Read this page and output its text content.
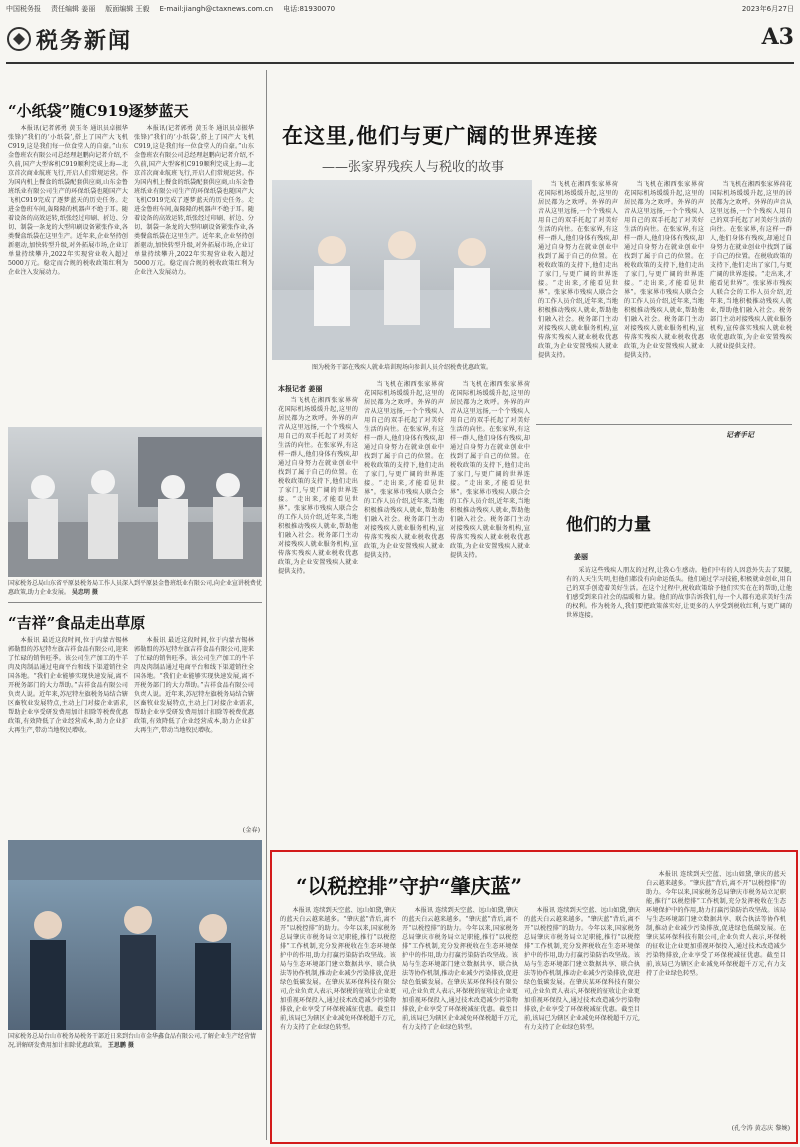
中国税务报 责任编辑 姜丽 版面编辑 王毅 E-mail:jiangh@ctaxnews.com.cn 电话:81930070	2023年6月27日
税务新闻	A3
“小纸袋”随C919逐梦蓝天

本报讯(记者郭勇 黄玉冬 通讯员卓振华 张锋)“我们的‘小纸袋’,搭上了国产大飞机C919,这是我们每一位食堂人的自豪。”山东金鲁班农有限公司总经理赵鹏向记者介绍,不久前,国产大型客机C919顺利完成上海—北京首次商业航班飞行,开启人们常规运营。作为国内机上餐食的纸袋配套供应商,山东金鲁班纸业有限公司生产的环保纸袋也随国产大飞机C919完成了逐梦蓝天的历史任务。走进金鲁班车间,轰隆隆的机器声不绝于耳。随着设备的高效运转,纸张经过印刷、折边、分切、制袋一条龙的大型印刷设备紧张作业,各类餐盒纸袋在这里生产。近年来,企业坚持创新驱动,加快转型升级,对外拓展市场,企业订单量持续攀升,2022年实现营业收入超过5000万元。稳定而合规的税收政策红利为企业注入发展动力。

本报讯(记者郭勇 黄玉冬 通讯员卓振华 张锋)“我们的‘小纸袋’,搭上了国产大飞机C919,这是我们每一位食堂人的自豪。”山东金鲁班农有限公司总经理赵鹏向记者介绍,不久前,国产大型客机C919顺利完成上海—北京首次商业航班飞行,开启人们常规运营。作为国内机上餐食的纸袋配套供应商,山东金鲁班纸业有限公司生产的环保纸袋也随国产大飞机C919完成了逐梦蓝天的历史任务。走进金鲁班车间,轰隆隆的机器声不绝于耳。随着设备的高效运转,纸张经过印刷、折边、分切、制袋一条龙的大型印刷设备紧张作业,各类餐盒纸袋在这里生产。近年来,企业坚持创新驱动,加快转型升级,对外拓展市场,企业订单量持续攀升,2022年实现营业收入超过5000万元。稳定而合规的税收政策红利为企业注入发展动力。

国家税务总局山东省平原县税务局工作人员深入到平原县金鲁班纸业有限公司,向企业宣讲税费优惠政策,助力企业发展。 吴忠明 摄
“吉祥”食品走出草原

本报讯 最近这段时间,位于内蒙古锡林郭勒盟的苏尼特左旗吉祥食品有限公司,迎来了忙碌的销售旺季。该公司生产加工的牛羊肉及肉制品通过电商平台和线下渠道销往全国各地。“我们企业能够实现快速发展,离不开税务部门的大力帮助。”吉祥食品有限公司负责人说。近年来,苏尼特左旗税务局结合辖区畜牧业发展特点,主动上门对接企业需求,帮助企业享受研发费用加计扣除等税费优惠政策,有效降低了企业经营成本,助力企业扩大再生产,带动当地牧民增收。

本报讯 最近这段时间,位于内蒙古锡林郭勒盟的苏尼特左旗吉祥食品有限公司,迎来了忙碌的销售旺季。该公司生产加工的牛羊肉及肉制品通过电商平台和线下渠道销往全国各地。“我们企业能够实现快速发展,离不开税务部门的大力帮助。”吉祥食品有限公司负责人说。近年来,苏尼特左旗税务局结合辖区畜牧业发展特点,主动上门对接企业需求,帮助企业享受研发费用加计扣除等税费优惠政策,有效降低了企业经营成本,助力企业扩大再生产,带动当地牧民增收。

(金春)
国家税务总局台山市税务局税务干部近日来到台山市金华鑫食品有限公司,了解企业生产经营情况,讲解研发费用加计扣除优惠政策。 王思鹏 摄
在这里,他们与更广阔的世界连接
——张家界残疾人与税收的故事
图为税务干部在残疾人就业培训现场向参训人员介绍税费优惠政策。
本报记者 姜丽

当飞机在湘西张家界荷花国际机场缓缓升起,这里的居民都为之欢呼。外界的声音从这里远扬,一个个残疾人用自己的双手托起了对美好生活的向往。在张家界,有这样一群人,他们身体有残疾,却通过自身努力在就业创业中找到了属于自己的位置。在税收政策的支持下,他们走出了家门,与更广阔的世界连接。“走出来,才能看见世界”。张家界市残疾人联合会的工作人员介绍,近年来,当地积极推动残疾人就业,帮助他们融入社会。税务部门主动对接残疾人就业服务机构,宣传落实残疾人就业税收优惠政策,为企业安置残疾人就业提供支持。

当飞机在湘西张家界荷花国际机场缓缓升起,这里的居民都为之欢呼。外界的声音从这里远扬,一个个残疾人用自己的双手托起了对美好生活的向往。在张家界,有这样一群人,他们身体有残疾,却通过自身努力在就业创业中找到了属于自己的位置。在税收政策的支持下,他们走出了家门,与更广阔的世界连接。“走出来,才能看见世界”。张家界市残疾人联合会的工作人员介绍,近年来,当地积极推动残疾人就业,帮助他们融入社会。税务部门主动对接残疾人就业服务机构,宣传落实残疾人就业税收优惠政策,为企业安置残疾人就业提供支持。

当飞机在湘西张家界荷花国际机场缓缓升起,这里的居民都为之欢呼。外界的声音从这里远扬,一个个残疾人用自己的双手托起了对美好生活的向往。在张家界,有这样一群人,他们身体有残疾,却通过自身努力在就业创业中找到了属于自己的位置。在税收政策的支持下,他们走出了家门,与更广阔的世界连接。“走出来,才能看见世界”。张家界市残疾人联合会的工作人员介绍,近年来,当地积极推动残疾人就业,帮助他们融入社会。税务部门主动对接残疾人就业服务机构,宣传落实残疾人就业税收优惠政策,为企业安置残疾人就业提供支持。

当飞机在湘西张家界荷花国际机场缓缓升起,这里的居民都为之欢呼。外界的声音从这里远扬,一个个残疾人用自己的双手托起了对美好生活的向往。在张家界,有这样一群人,他们身体有残疾,却通过自身努力在就业创业中找到了属于自己的位置。在税收政策的支持下,他们走出了家门,与更广阔的世界连接。“走出来,才能看见世界”。张家界市残疾人联合会的工作人员介绍,近年来,当地积极推动残疾人就业,帮助他们融入社会。税务部门主动对接残疾人就业服务机构,宣传落实残疾人就业税收优惠政策,为企业安置残疾人就业提供支持。

当飞机在湘西张家界荷花国际机场缓缓升起,这里的居民都为之欢呼。外界的声音从这里远扬,一个个残疾人用自己的双手托起了对美好生活的向往。在张家界,有这样一群人,他们身体有残疾,却通过自身努力在就业创业中找到了属于自己的位置。在税收政策的支持下,他们走出了家门,与更广阔的世界连接。“走出来,才能看见世界”。张家界市残疾人联合会的工作人员介绍,近年来,当地积极推动残疾人就业,帮助他们融入社会。税务部门主动对接残疾人就业服务机构,宣传落实残疾人就业税收优惠政策,为企业安置残疾人就业提供支持。

当飞机在湘西张家界荷花国际机场缓缓升起,这里的居民都为之欢呼。外界的声音从这里远扬,一个个残疾人用自己的双手托起了对美好生活的向往。在张家界,有这样一群人,他们身体有残疾,却通过自身努力在就业创业中找到了属于自己的位置。在税收政策的支持下,他们走出了家门,与更广阔的世界连接。“走出来,才能看见世界”。张家界市残疾人联合会的工作人员介绍,近年来,当地积极推动残疾人就业,帮助他们融入社会。税务部门主动对接残疾人就业服务机构,宣传落实残疾人就业税收优惠政策,为企业安置残疾人就业提供支持。

记者手记
他们的力量
姜丽

采访这些残疾人朋友的过程,让我心生感动。他们中有的人因意外失去了双腿,有的人天生失明,但他们都没有向命运低头。他们通过学习技能,积极就业创业,用自己的双手创造着美好生活。在这个过程中,税收政策给予他们实实在在的帮助,让他们感受到来自社会的温暖和力量。他们的故事告诉我们,每一个人都有追求美好生活的权利。作为税务人,我们要把政策落实好,让更多的人享受到税收红利,与更广阔的世界连接。

“以税控排”守护“肇庆蓝”

本报讯 连续到天空蓝、远山如黛,肇庆的蓝天白云越来越多。“肇庆蓝”背后,离不开“以税控排”的助力。今年以来,国家税务总局肇庆市税务局立足职能,推行“以税控排”工作机制,充分发挥税收在生态环境保护中的作用,助力打赢污染防治攻坚战。该局与生态环境部门建立数据共享、联合执法等协作机制,推动企业减少污染排放,促进绿色低碳发展。在肇庆某环保科技有限公司,企业负责人表示,环保税的征收让企业更加重视环保投入,通过技术改造减少污染物排放,企业享受了环保税减征优惠。截至目前,该局已为辖区企业减免环保税超千万元,有力支持了企业绿色转型。

本报讯 连续到天空蓝、远山如黛,肇庆的蓝天白云越来越多。“肇庆蓝”背后,离不开“以税控排”的助力。今年以来,国家税务总局肇庆市税务局立足职能,推行“以税控排”工作机制,充分发挥税收在生态环境保护中的作用,助力打赢污染防治攻坚战。该局与生态环境部门建立数据共享、联合执法等协作机制,推动企业减少污染排放,促进绿色低碳发展。在肇庆某环保科技有限公司,企业负责人表示,环保税的征收让企业更加重视环保投入,通过技术改造减少污染物排放,企业享受了环保税减征优惠。截至目前,该局已为辖区企业减免环保税超千万元,有力支持了企业绿色转型。

本报讯 连续到天空蓝、远山如黛,肇庆的蓝天白云越来越多。“肇庆蓝”背后,离不开“以税控排”的助力。今年以来,国家税务总局肇庆市税务局立足职能,推行“以税控排”工作机制,充分发挥税收在生态环境保护中的作用,助力打赢污染防治攻坚战。该局与生态环境部门建立数据共享、联合执法等协作机制,推动企业减少污染排放,促进绿色低碳发展。在肇庆某环保科技有限公司,企业负责人表示,环保税的征收让企业更加重视环保投入,通过技术改造减少污染物排放,企业享受了环保税减征优惠。截至目前,该局已为辖区企业减免环保税超千万元,有力支持了企业绿色转型。

本报讯 连续到天空蓝、远山如黛,肇庆的蓝天白云越来越多。“肇庆蓝”背后,离不开“以税控排”的助力。今年以来,国家税务总局肇庆市税务局立足职能,推行“以税控排”工作机制,充分发挥税收在生态环境保护中的作用,助力打赢污染防治攻坚战。该局与生态环境部门建立数据共享、联合执法等协作机制,推动企业减少污染排放,促进绿色低碳发展。在肇庆某环保科技有限公司,企业负责人表示,环保税的征收让企业更加重视环保投入,通过技术改造减少污染物排放,企业享受了环保税减征优惠。截至目前,该局已为辖区企业减免环保税超千万元,有力支持了企业绿色转型。

(孔令涛 黄志庆 黎婉)
